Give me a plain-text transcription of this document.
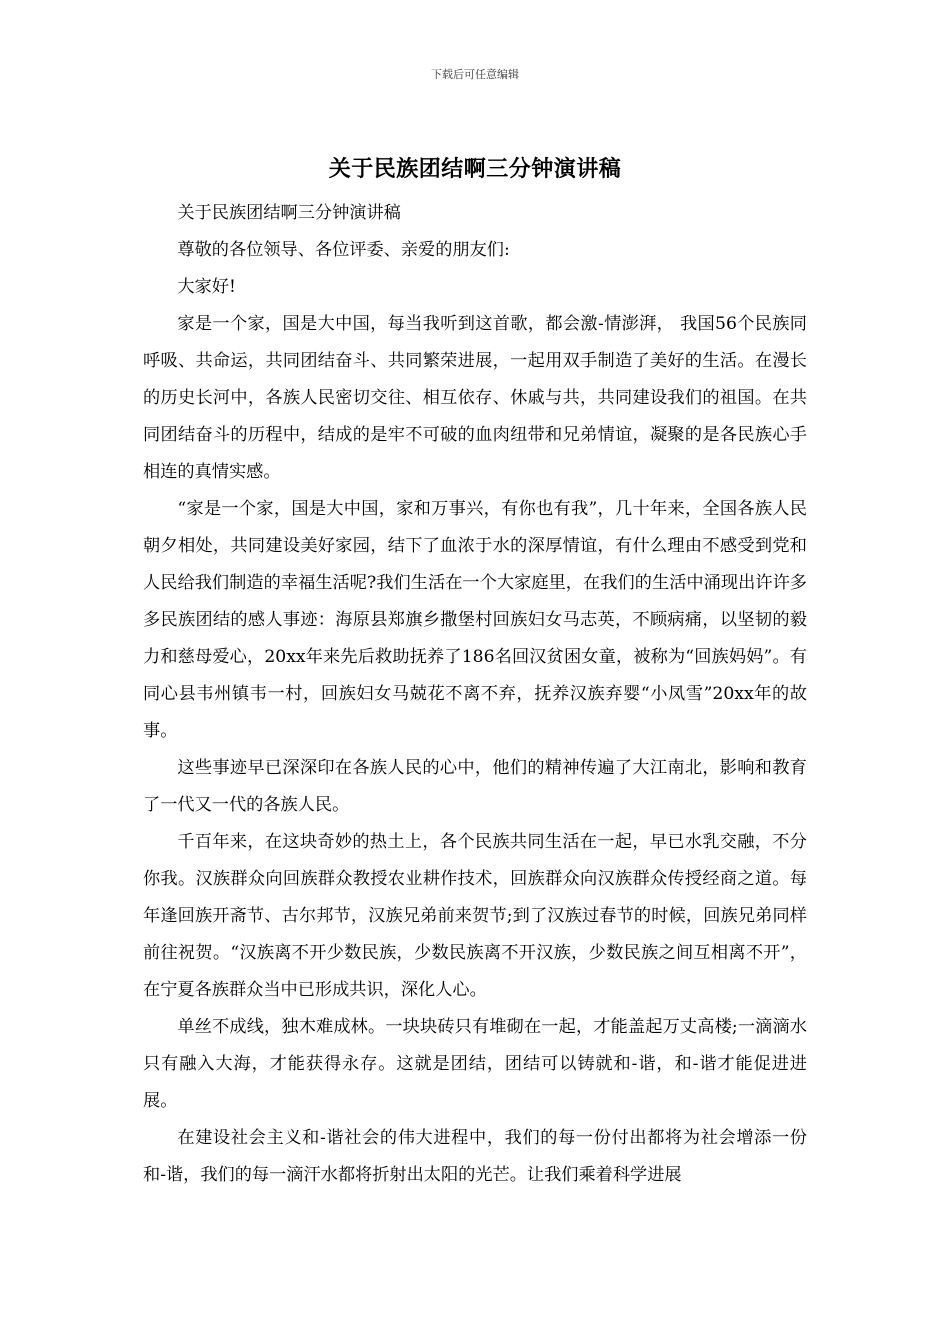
下载后可任意编辑
关于民族团结啊三分钟演讲稿

关于民族团结啊三分钟演讲稿

尊敬的各位领导、各位评委、亲爱的朋友们:

大家好!

家是一个家，国是大中国，每当我听到这首歌，都会激-情澎湃， 我国56个民族同呼吸、共命运，共同团结奋斗、共同繁荣进展，一起用双手制造了美好的生活。在漫长的历史长河中，各族人民密切交往、相互依存、休戚与共，共同建设我们的祖国。在共同团结奋斗的历程中，结成的是牢不可破的血肉纽带和兄弟情谊，凝聚的是各民族心手相连的真情实感。

“家是一个家，国是大中国，家和万事兴，有你也有我”，几十年来，全国各族人民朝夕相处，共同建设美好家园，结下了血浓于水的深厚情谊，有什么理由不感受到党和人民给我们制造的幸福生活呢?我们生活在一个大家庭里，在我们的生活中涌现出许许多多民族团结的感人事迹：海原县郑旗乡撒堡村回族妇女马志英，不顾病痛，以坚韧的毅力和慈母爱心，20xx年来先后救助抚养了186名回汉贫困女童，被称为“回族妈妈”。有同心县韦州镇韦一村，回族妇女马兢花不离不弃，抚养汉族弃婴“小凤雪”20xx年的故事。

这些事迹早已深深印在各族人民的心中，他们的精神传遍了大江南北，影响和教育了一代又一代的各族人民。

千百年来，在这块奇妙的热土上，各个民族共同生活在一起，早已水乳交融，不分你我。汉族群众向回族群众教授农业耕作技术，回族群众向汉族群众传授经商之道。每年逢回族开斋节、古尔邦节，汉族兄弟前来贺节;到了汉族过春节的时候，回族兄弟同样前往祝贺。“汉族离不开少数民族，少数民族离不开汉族，少数民族之间互相离不开”，在宁夏各族群众当中已形成共识，深化人心。

单丝不成线，独木难成林。一块块砖只有堆砌在一起，才能盖起万丈高楼;一滴滴水只有融入大海，才能获得永存。这就是团结，团结可以铸就和-谐，和-谐才能促进进展。

在建设社会主义和-谐社会的伟大进程中，我们的每一份付出都将为社会增添一份和-谐，我们的每一滴汗水都将折射出太阳的光芒。让我们乘着科学进展
